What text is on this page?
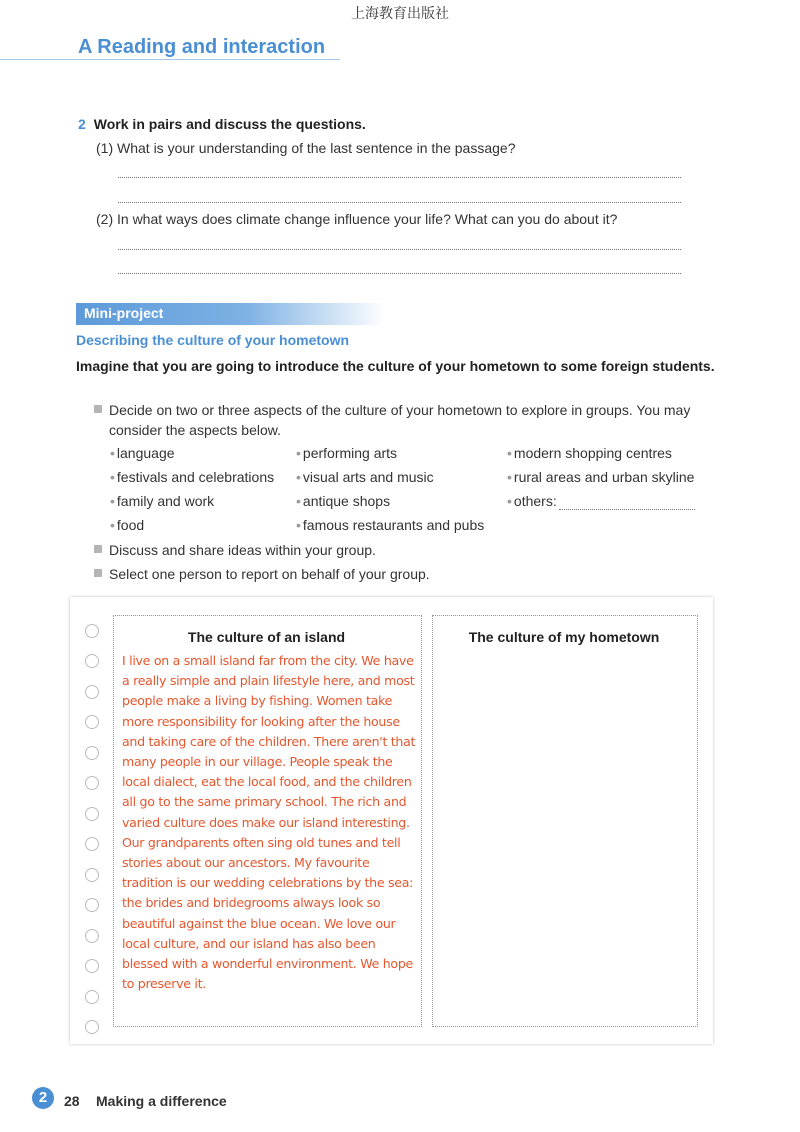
上海教育出版社
A Reading and interaction
2 Work in pairs and discuss the questions.
(1) What is your understanding of the last sentence in the passage?
(2) In what ways does climate change influence your life? What can you do about it?
Mini-project
Describing the culture of your hometown
Imagine that you are going to introduce the culture of your hometown to some foreign students.
Decide on two or three aspects of the culture of your hometown to explore in groups. You may consider the aspects below.
• language
• festivals and celebrations
• family and work
• food
• performing arts
• visual arts and music
• antique shops
• famous restaurants and pubs
• modern shopping centres
• rural areas and urban skyline
• others:
Discuss and share ideas within your group.
Select one person to report on behalf of your group.
The culture of an island	The culture of my hometown
I live on a small island far from the city. We have a really simple and plain lifestyle here, and most people make a living by fishing. Women take more responsibility for looking after the house and taking care of the children. There aren't that many people in our village. People speak the local dialect, eat the local food, and the children all go to the same primary school. The rich and varied culture does make our island interesting. Our grandparents often sing old tunes and tell stories about our ancestors. My favourite tradition is our wedding celebrations by the sea: the brides and bridegrooms always look so beautiful against the blue ocean. We love our local culture, and our island has also been blessed with a wonderful environment. We hope to preserve it.
2	28 Making a difference
